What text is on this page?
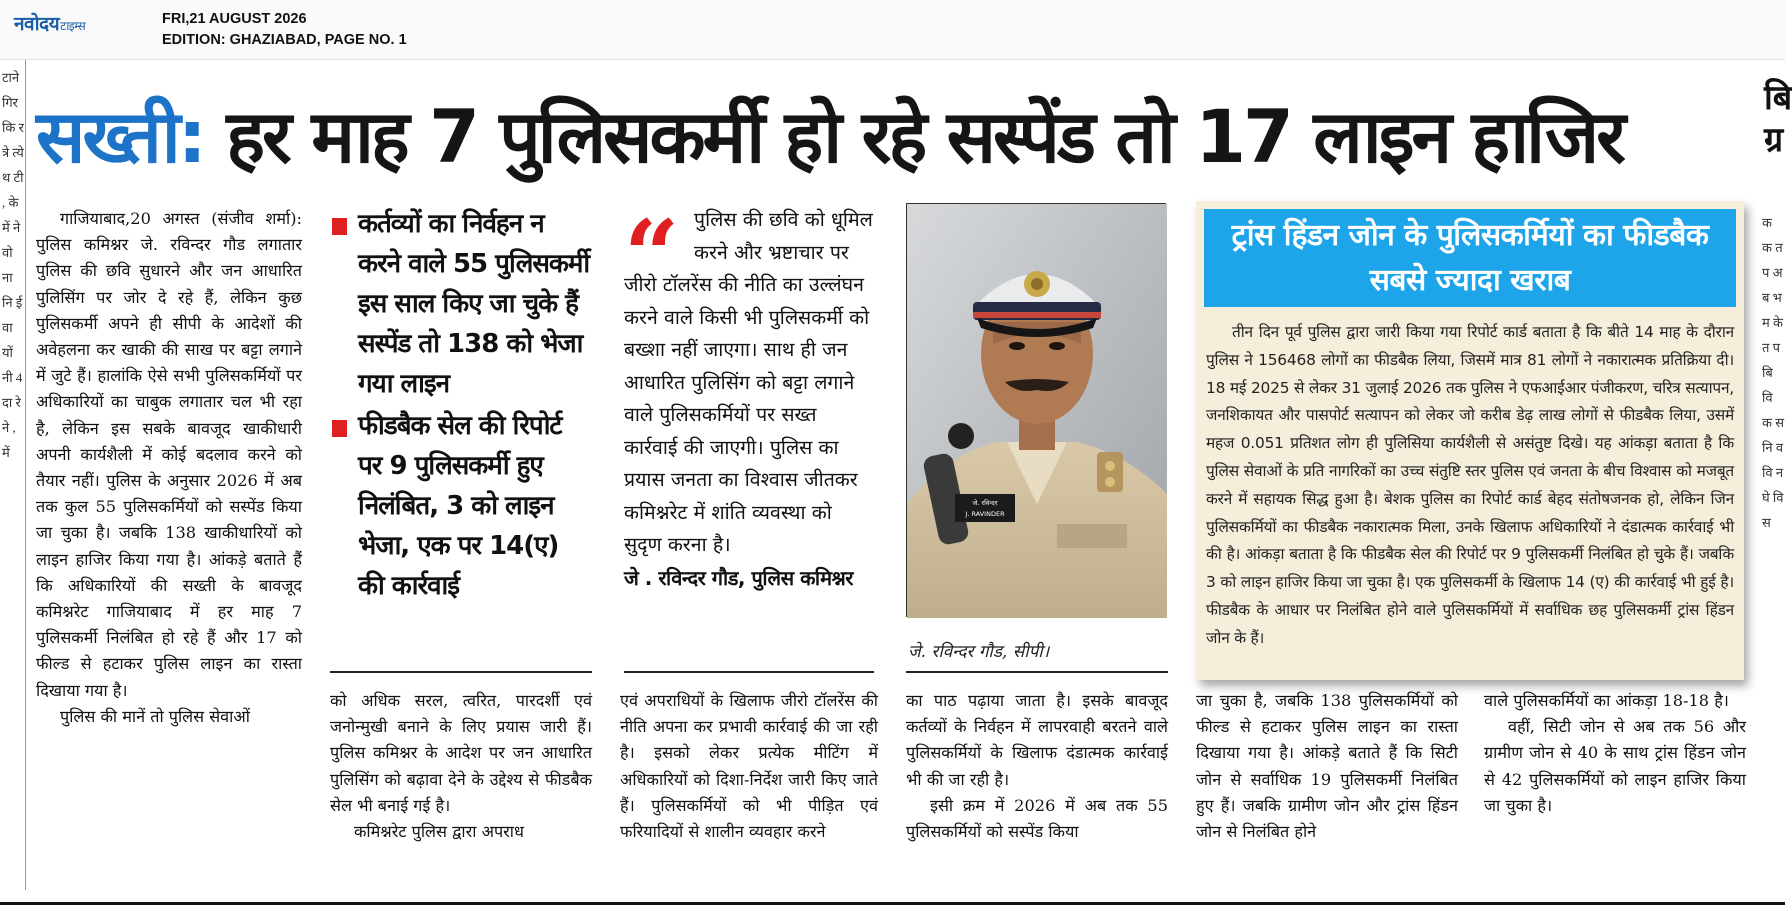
नवोदयटाइम्स	FRI,21 AUGUST 2026
EDITION: GHAZIABAD, PAGE NO. 1
टाने गिर कि र त्रे त्ये थ टी , के में ने वो ना नि ई वा यों नी 4 दा रे ने , में
बि ग्र
क क त प अ ब भ म के त प बि वि क स नि व वि न घे वि स
सख्ती: हर माह 7 पुलिसकर्मी हो रहे सस्पेंड तो 17 लाइन हाजिर

गाजियाबाद,20 अगस्त (संजीव शर्मा): पुलिस कमिश्नर जे. रविन्दर गौड लगातार पुलिस की छवि सुधारने और जन आधारित पुलिसिंग पर जोर दे रहे हैं, लेकिन कुछ पुलिसकर्मी अपने ही सीपी के आदेशों की अवेहलना कर खाकी की साख पर बट्टा लगाने में जुटे हैं। हालांकि ऐसे सभी पुलिसकर्मियों पर अधिकारियों का चाबुक लगातार चल भी रहा है, लेकिन इस सबके बावजूद खाकीधारी अपनी कार्यशैली में कोई बदलाव करने को तैयार नहीं। पुलिस के अनुसार 2026 में अब तक कुल 55 पुलिसकर्मियों को सस्पेंड किया जा चुका है। जबकि 138 खाकीधारियों को लाइन हाजिर किया गया है। आंकड़े बताते हैं कि अधिकारियों की सख्ती के बावजूद कमिश्नरेट गाजियाबाद में हर माह 7 पुलिसकर्मी निलंबित हो रहे हैं और 17 को फील्ड से हटाकर पुलिस लाइन का रास्ता दिखाया गया है।

पुलिस की मानें तो पुलिस सेवाओं

कर्तव्यों का निर्वहन न करने वाले 55 पुलिसकर्मी इस साल किए जा चुके हैं सस्पेंड तो 138 को भेजा गया लाइन
फीडबैक सेल की रिपोर्ट पर 9 पुलिसकर्मी हुए निलंबित, 3 को लाइन भेजा, एक पर 14(ए) की कार्रवाई
“ पुलिस की छवि को धूमिल करने और भ्रष्टाचार पर जीरो टॉलरेंस की नीति का उल्लंघन करने वाले किसी भी पुलिसकर्मी को बख्शा नहीं जाएगा। साथ ही जन आधारित पुलिसिंग को बट्टा लगाने वाले पुलिसकर्मियों पर सख्त कार्रवाई की जाएगी। पुलिस का प्रयास जनता का विश्वास जीतकर कमिश्नरेट में शांति व्यवस्था को सुदृण करना है।
जे . रविन्दर गौड, पुलिस कमिश्नर
जे. रविन्दर
J. RAVINDER
जे. रविन्दर गौड, सीपी।

को अधिक सरल, त्वरित, पारदर्शी एवं जनोन्मुखी बनाने के लिए प्रयास जारी हैं। पुलिस कमिश्नर के आदेश पर जन आधारित पुलिसिंग को बढ़ावा देने के उद्देश्य से फीडबैक सेल भी बनाई गई है।

कमिश्नरेट पुलिस द्वारा अपराध

एवं अपराधियों के खिलाफ जीरो टॉलरेंस की नीति अपना कर प्रभावी कार्रवाई की जा रही है। इसको लेकर प्रत्येक मीटिंग में अधिकारियों को दिशा-निर्देश जारी किए जाते हैं। पुलिसकर्मियों को भी पीड़ित एवं फरियादियों से शालीन व्यवहार करने

का पाठ पढ़ाया जाता है। इसके बावजूद कर्तव्यों के निर्वहन में लापरवाही बरतने वाले पुलिसकर्मियों के खिलाफ दंडात्मक कार्रवाई भी की जा रही है।

इसी क्रम में 2026 में अब तक 55 पुलिसकर्मियों को सस्पेंड किया

जा चुका है, जबकि 138 पुलिसकर्मियों को फील्ड से हटाकर पुलिस लाइन का रास्ता दिखाया गया है। आंकड़े बताते हैं कि सिटी जोन से सर्वाधिक 19 पुलिसकर्मी निलंबित हुए हैं। जबकि ग्रामीण जोन और ट्रांस हिंडन जोन से निलंबित होने

वाले पुलिसकर्मियों का आंकड़ा 18-18 है।

वहीं, सिटी जोन से अब तक 56 और ग्रामीण जोन से 40 के साथ ट्रांस हिंडन जोन से 42 पुलिसकर्मियों को लाइन हाजिर किया जा चुका है।

ट्रांस हिंडन जोन के पुलिसकर्मियों का फीडबैक सबसे ज्यादा खराब
तीन दिन पूर्व पुलिस द्वारा जारी किया गया रिपोर्ट कार्ड बताता है कि बीते 14 माह के दौरान पुलिस ने 156468 लोगों का फीडबैक लिया, जिसमें मात्र 81 लोगों ने नकारात्मक प्रतिक्रिया दी। 18 मई 2025 से लेकर 31 जुलाई 2026 तक पुलिस ने एफआईआर पंजीकरण, चरित्र सत्यापन, जनशिकायत और पासपोर्ट सत्यापन को लेकर जो करीब डेढ़ लाख लोगों से फीडबैक लिया, उसमें महज 0.051 प्रतिशत लोग ही पुलिसिया कार्यशैली से असंतुष्ट दिखे। यह आंकड़ा बताता है कि पुलिस सेवाओं के प्रति नागरिकों का उच्च संतुष्टि स्तर पुलिस एवं जनता के बीच विश्वास को मजबूत करने में सहायक सिद्ध हुआ है। बेशक पुलिस का रिपोर्ट कार्ड बेहद संतोषजनक हो, लेकिन जिन पुलिसकर्मियों का फीडबैक नकारात्मक मिला, उनके खिलाफ अधिकारियों ने दंडात्मक कार्रवाई भी की है। आंकड़ा बताता है कि फीडबैक सेल की रिपोर्ट पर 9 पुलिसकर्मी निलंबित हो चुके हैं। जबकि 3 को लाइन हाजिर किया जा चुका है। एक पुलिसकर्मी के खिलाफ 14 (ए) की कार्रवाई भी हुई है। फीडबैक के आधार पर निलंबित होने वाले पुलिसकर्मियों में सर्वाधिक छह पुलिसकर्मी ट्रांस हिंडन जोन के हैं।
